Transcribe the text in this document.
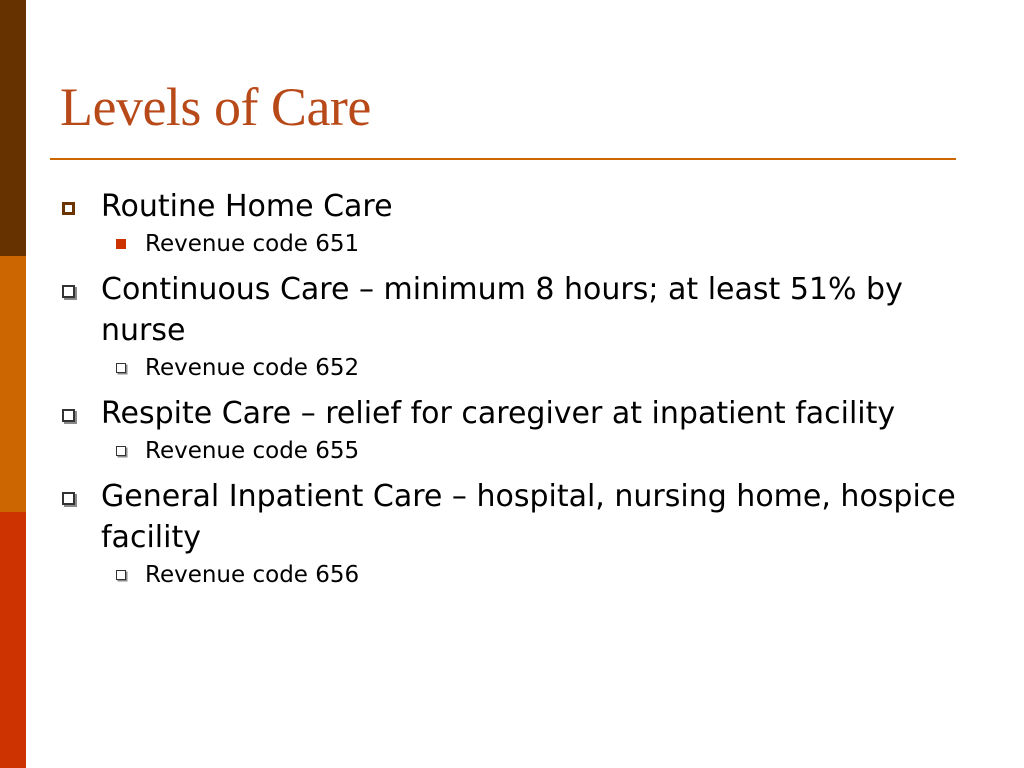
Levels of Care
Routine Home Care
Revenue code 651
Continuous Care – minimum 8 hours; at least 51% by nurse
Revenue code 652
Respite Care – relief for caregiver at inpatient facility
Revenue code 655
General Inpatient Care – hospital, nursing home, hospice facility
Revenue code 656
